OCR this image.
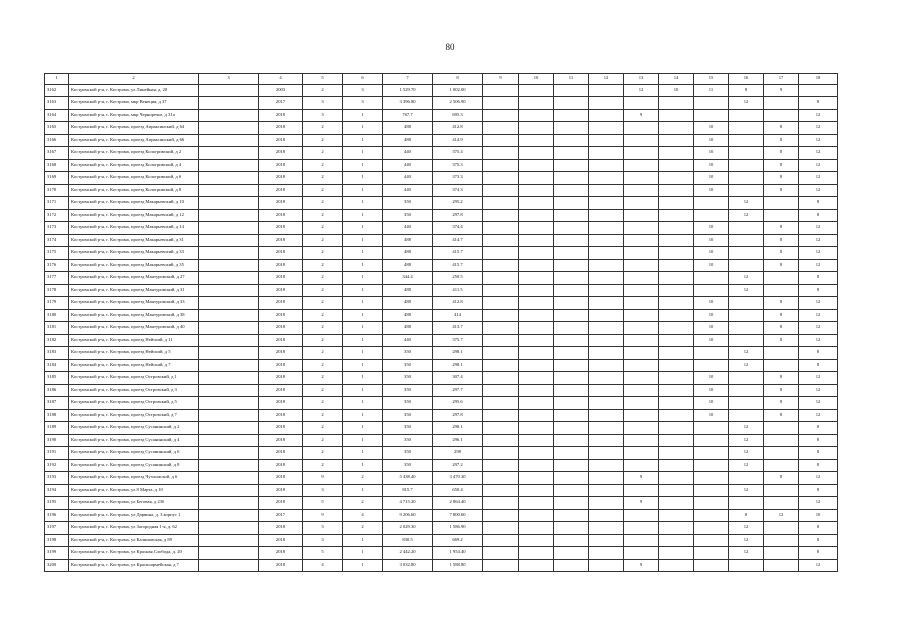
80
1	2	3	4	5	6	7	8	9	10	11	12	13	14	15	16	17	18
3162	Костромской р-н, г. Кострома, ул Линейная, д. 20		2003	2	3	1 529.70	1 002.00					12	10	11	8	9	
3163	Костромской р-н, г. Кострома, мкр Венеция, д 37		2017	3	3	3 396.80	2 506.90								12		8
3164	Костромской р-н, г. Кострома, мкр Черноречье, д 31а		2018	3	1	767.7	695.3					9					12
3165	Костромской р-н, г. Кострома, проезд Апраксинский, д 64		2018	2	1	488	412.8							10		8	12
3166	Костромской р-н, г. Кострома, проезд Апраксинский, д 66		2018	2	1	488	414.9							10		8	12
3167	Костромской р-н, г. Кострома, проезд Кологривский, д 2		2018	2	1	440	375.4							10		8	12
3168	Костромской р-н, г. Кострома, проезд Кологривский, д 4		2018	2	1	440	375.3							10		8	12
3169	Костромской р-н, г. Кострома, проезд Кологривский, д 6		2018	2	1	440	373.3							10		8	12
3170	Костромской р-н, г. Кострома, проезд Кологривский, д 8		2018	2	1	440	374.3							10		8	12
3171	Костромской р-н, г. Кострома, проезд Макарьевский, д 10		2018	2	1	350	295.2								12		8
3172	Костромской р-н, г. Кострома, проезд Макарьевский, д 12		2018	2	1	350	297.8								12		8
3173	Костромской р-н, г. Кострома, проезд Макарьевский, д 14		2018	2	1	440	374.4							10		8	12
3174	Костромской р-н, г. Кострома, проезд Макарьевский, д 31		2018	2	1	488	414.7							10		8	12
3175	Костромской р-н, г. Кострома, проезд Макарьевский, д 33		2018	2	1	488	415.7							10		8	12
3176	Костромской р-н, г. Кострома, проезд Макарьевский, д 35		2018	2	1	488	415.7							10		8	12
3177	Костромской р-н, г. Кострома, проезд Мантуровский, д 27		2018	2	1	344.4	250.5								12		8
3178	Костромской р-н, г. Кострома, проезд Мантуровский, д 31		2018	2	1	488	411.5								12		8
3179	Костромской р-н, г. Кострома, проезд Мантуровский, д 33		2018	2	1	488	412.8							10		8	12
3180	Костромской р-н, г. Кострома, проезд Мантуровский, д 38		2018	2	1	488	414							10		8	12
3181	Костромской р-н, г. Кострома, проезд Мантуровский, д 40		2018	2	1	488	413.7							10		8	12
3182	Костромской р-н, г. Кострома, проезд Нейский, д 11		2018	2	1	440	375.7							10		8	12
3183	Костромской р-н, г. Кострома, проезд Нейский, д 5		2018	2	1	350	298.1								12		8
3184	Костромской р-н, г. Кострома, проезд Нейский, д 7		2018	2	1	350	298.1								12		8
3185	Костромской р-н, г. Кострома, проезд Островский, д 1		2018	2	1	350	307.4							10		8	12
3186	Костромской р-н, г. Кострома, проезд Островский, д 3		2018	2	1	350	297.7							10		8	12
3187	Костромской р-н, г. Кострома, проезд Островский, д 5		2018	2	1	350	295.6							10		8	12
3188	Костромской р-н, г. Кострома, проезд Островский, д 7		2018	2	1	350	297.8							10		8	12
3189	Костромской р-н, г. Кострома, проезд Сусанинский, д 2		2018	2	1	350	298.1								12		8
3190	Костромской р-н, г. Кострома, проезд Сусанинский, д 4		2018	2	1	350	296.1								12		8
3191	Костромской р-н, г. Кострома, проезд Сусанинский, д 6		2018	2	1	350	298								12		8
3192	Костромской р-н, г. Кострома, проезд Сусанинский, д 8		2018	2	1	350	297.2								12		8
3193	Костромской р-н, г. Кострома, проезд Чухломской, д 6		2018	9	2	5 438.40	3 470.30					9				8	12
3194	Костромской р-н, г. Кострома, ул 8 Марта, д 10		2018	3	1	815.7	650.4								12		8
3195	Костромской р-н, г. Кострома, ул Беговая, д 23б		2018	5	2	4 715.20	2 864.40					9					12
3196	Костромской р-н, г. Кострома, ул Дарвина, д. 3 корпус 1		2017	9	4	9 206.60	7 800.60								8	12	10
3197	Костромской р-н, г. Кострома, ул Загородная 1-я, д. 62		2018	3	2	2 029.30	1 586.90								12		8
3198	Костромской р-н, г. Кострома, ул Калиновская, д 89		2018	3	1	830.5	669.2								12		8
3199	Костромской р-н, г. Кострома, ул Красная Слобода, д. 20		2018	5	1	2 442.20	1 954.40								12		8
3200	Костромской р-н, г. Кострома, ул Красноармейская, д 7		2018	4	1	3 032.80	1 588.80					9					12
